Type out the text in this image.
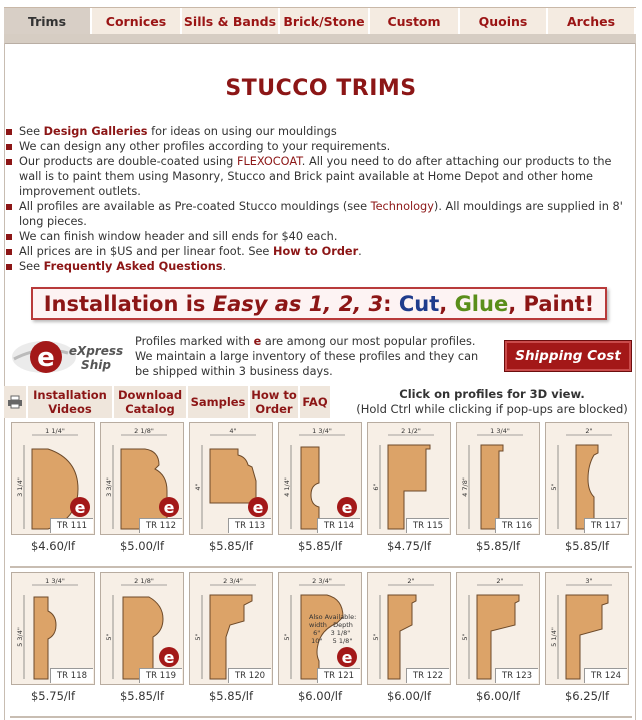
Trims	Cornices	Sills & Bands Brick/Stone	Custom	Quoins	Arches
STUCCO TRIMS

See Design Galleries for ideas on using our mouldings

We can design any other profiles according to your requirements.

Our products are double-coated using FLEXOCOAT. All you need to do after attaching our products to the wall is to paint them using Masonry, Stucco and Brick paint available at Home Depot and other home improvement outlets.

All profiles are available as Pre-coated Stucco mouldings (see Technology). All mouldings are supplied in 8' long pieces.

We can finish window header and sill ends for $40 each.

All prices are in $US and per linear foot. See How to Order.

See Frequently Asked Questions.

Installation is
Easy as 1, 2, 3 :
Cut ,
Glue ,
Paint!
e eXpress
Ship
Profiles marked with e are among our most popular profiles. We maintain a large inventory of these profiles and they can be shipped within 3 business days.
Shipping Cost
Installation Videos
Download Catalog	Samples How to Order FAQ
Click on profiles for 3D view.
(Hold Ctrl while clicking if pop-ups are blocked)
1 1/4"
3 1/4"
e
TR 111
$4.60/lf
2 1/8"
3 3/4"
e
TR 112
$5.00/lf
4"
4"
e
TR 113
$5.85/lf
1 3/4"
4 1/4"
e
TR 114
$5.85/lf
2 1/2"
6"
TR 115
$4.75/lf
1 3/4"
4 7/8"
TR 116
$5.85/lf
2"
5"
TR 117
$5.85/lf
1 3/4"
5 3/4"
TR 118
$5.75/lf
2 1/8"
5"
e
TR 119
$5.85/lf
2 3/4"
5"
TR 120
$5.85/lf
2 3/4"
5"
e
Also Available:
width   Depth
6"     3 1/8"
10"     5 1/8"
TR 121
$6.00/lf
2"
5"
TR 122
$6.00/lf
2"
5"
TR 123
$6.00/lf
3"
5 1/4"
TR 124
$6.25/lf
